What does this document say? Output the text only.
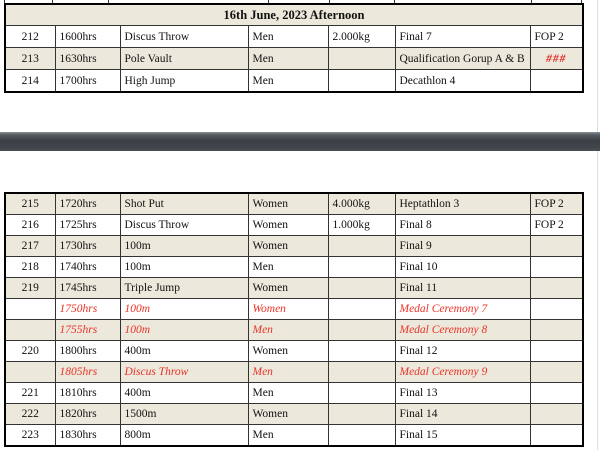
16th June, 2023 Afternoon						
212	1600hrs	Discus Throw	Men	2.000kg	Final 7	FOP 2
213	1630hrs	Pole Vault	Men		Qualification Gorup A & B	###
214	1700hrs	High Jump	Men		Decathlon 4	
215	1720hrs	Shot Put	Women	4.000kg	Heptathlon 3	FOP 2
216	1725hrs	Discus Throw	Women	1.000kg	Final 8	FOP 2
217	1730hrs	100m	Women		Final 9	
218	1740hrs	100m	Men		Final 10	
219	1745hrs	Triple Jump	Women		Final 11	
	1750hrs	100m	Women		Medal Ceremony 7	
	1755hrs	100m	Men		Medal Ceremony 8	
220	1800hrs	400m	Women		Final 12	
	1805hrs	Discus Throw	Men		Medal Ceremony 9	
221	1810hrs	400m	Men		Final 13	
222	1820hrs	1500m	Women		Final 14	
223	1830hrs	800m	Men		Final 15	
